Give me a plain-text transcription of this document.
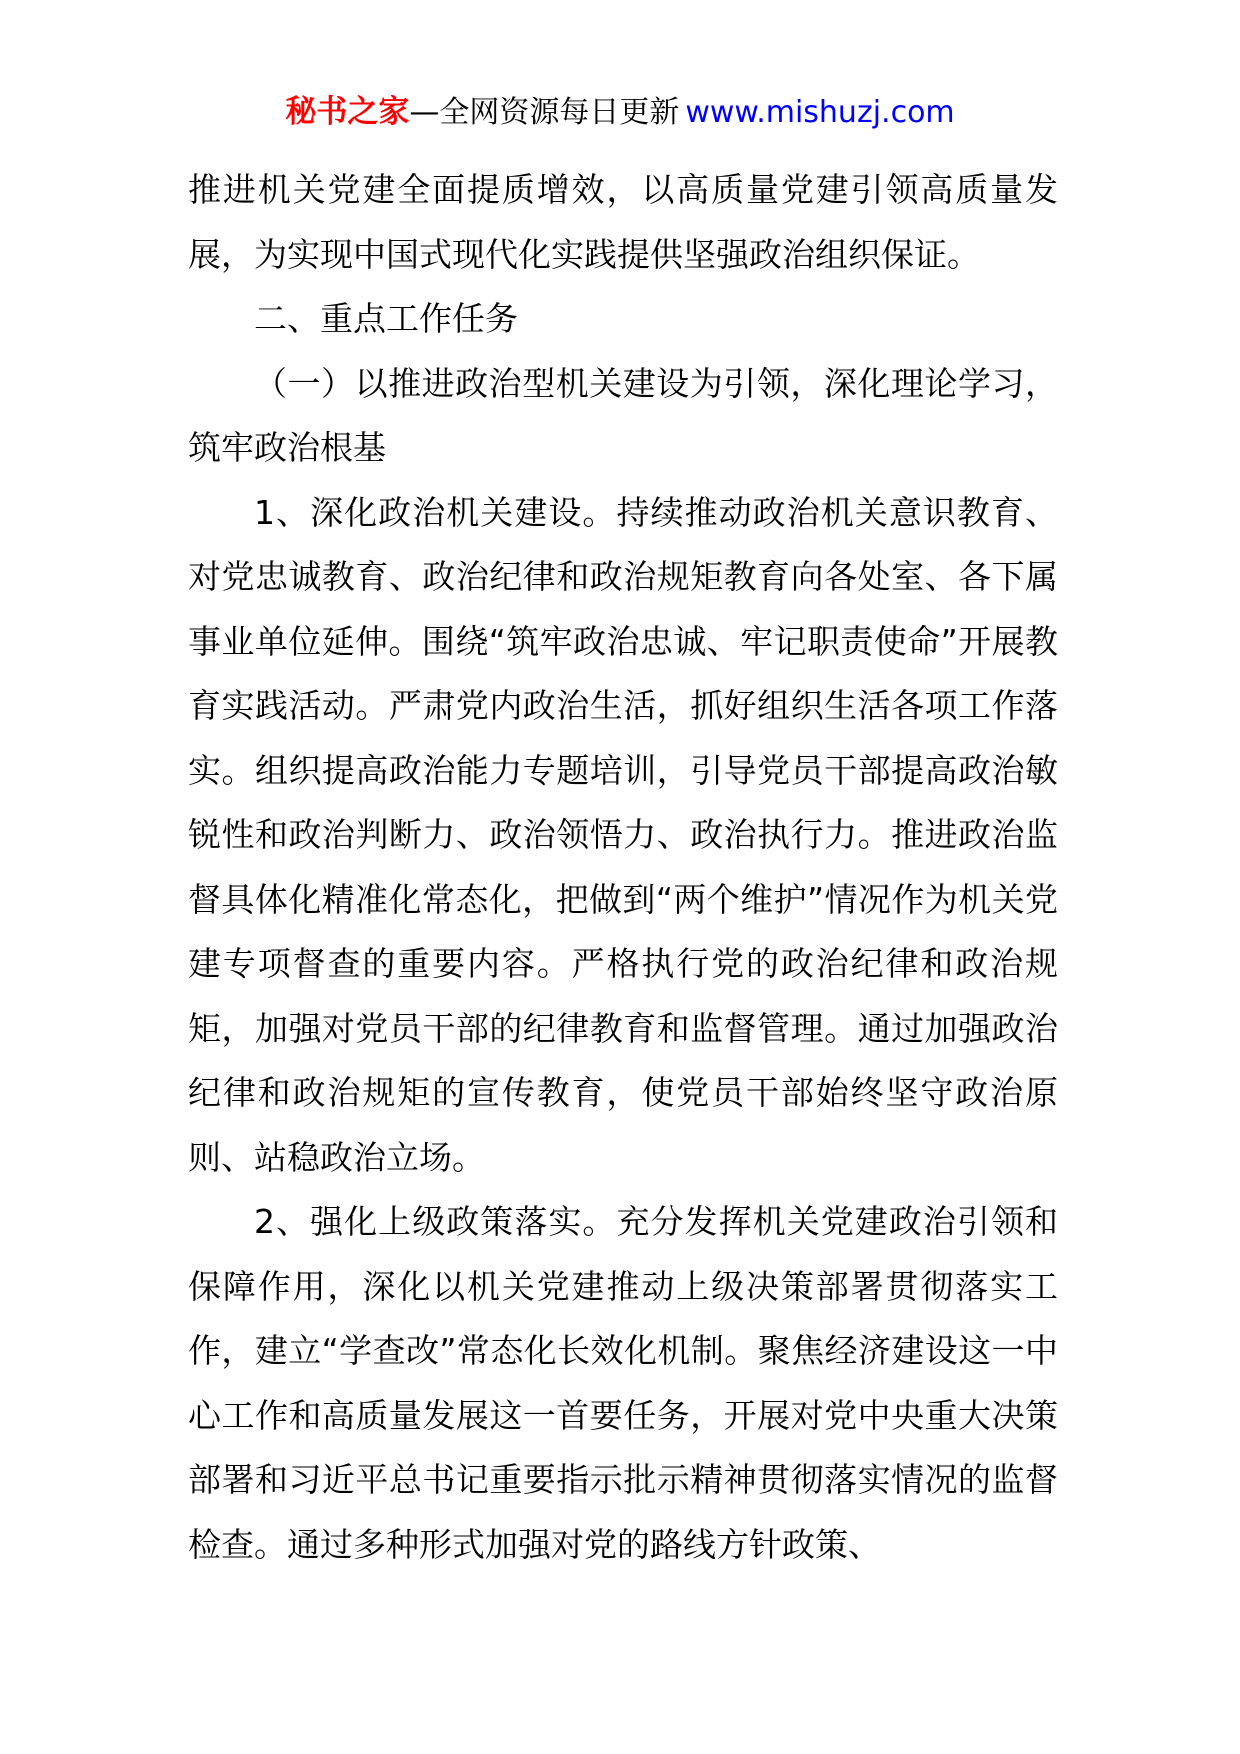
秘书之家—全网资源每日更新 www.mishuzj.com

推进机关党建全面提质增效，以高质量党建引领高质量发展，为实现中国式现代化实践提供坚强政治组织保证。

二、重点工作任务

（一）以推进政治型机关建设为引领，深化理论学习，筑牢政治根基

1、深化政治机关建设。持续推动政治机关意识教育、对党忠诚教育、政治纪律和政治规矩教育向各处室、各下属事业单位延伸。围绕“筑牢政治忠诚、牢记职责使命”开展教育实践活动。严肃党内政治生活，抓好组织生活各项工作落实。组织提高政治能力专题培训，引导党员干部提高政治敏锐性和政治判断力、政治领悟力、政治执行力。推进政治监督具体化精准化常态化，把做到“两个维护”情况作为机关党建专项督查的重要内容。严格执行党的政治纪律和政治规矩，加强对党员干部的纪律教育和监督管理。通过加强政治纪律和政治规矩的宣传教育，使党员干部始终坚守政治原则、站稳政治立场。

2、强化上级政策落实。充分发挥机关党建政治引领和保障作用，深化以机关党建推动上级决策部署贯彻落实工作，建立“学查改”常态化长效化机制。聚焦经济建设这一中心工作和高质量发展这一首要任务，开展对党中央重大决策部署和习近平总书记重要指示批示精神贯彻落实情况的监督检查。通过多种形式加强对党的路线方针政策、
